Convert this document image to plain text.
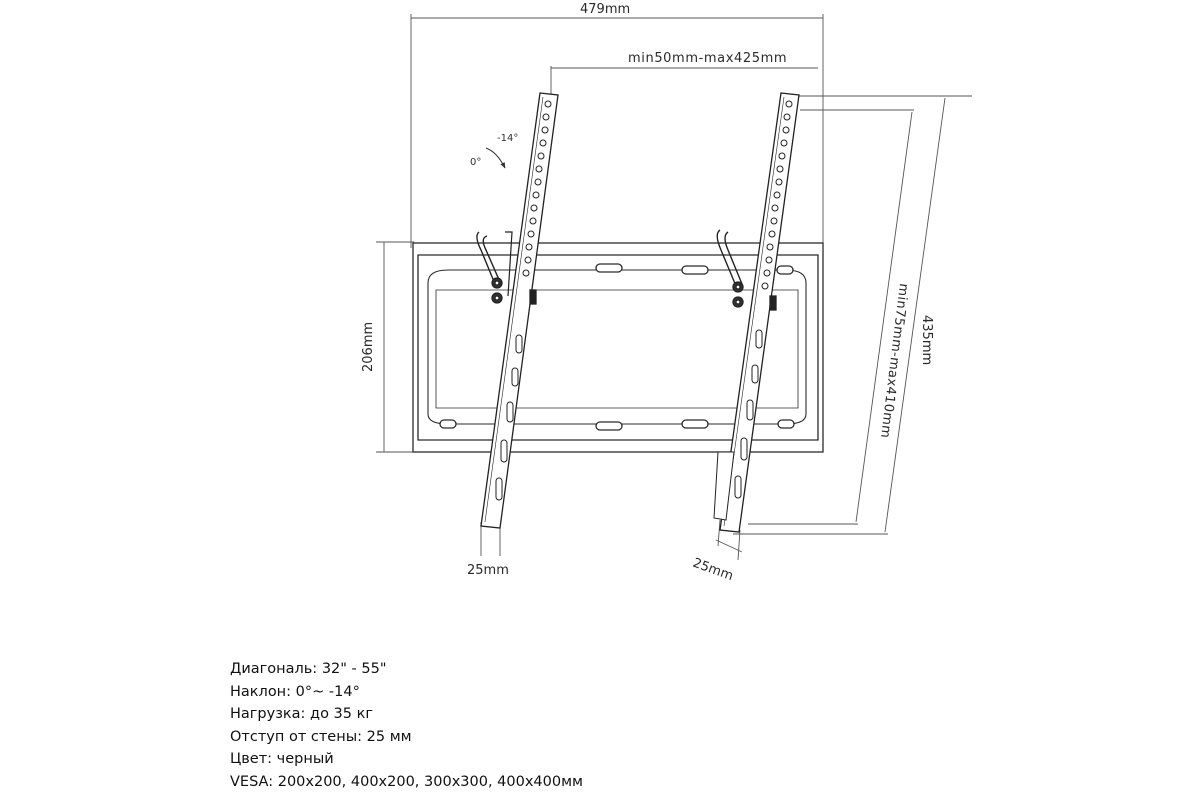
0°
-14°
479mm
min50mm-max425mm
206mm	435mm
min75mm-max410mm
25mm	25mm
Диагональ: 32" - 55"
Наклон: 0°~ -14°
Нагрузка: до 35 кг
Отступ от стены: 25 мм
Цвет: черный
VESA: 200x200, 400x200, 300x300, 400x400мм
